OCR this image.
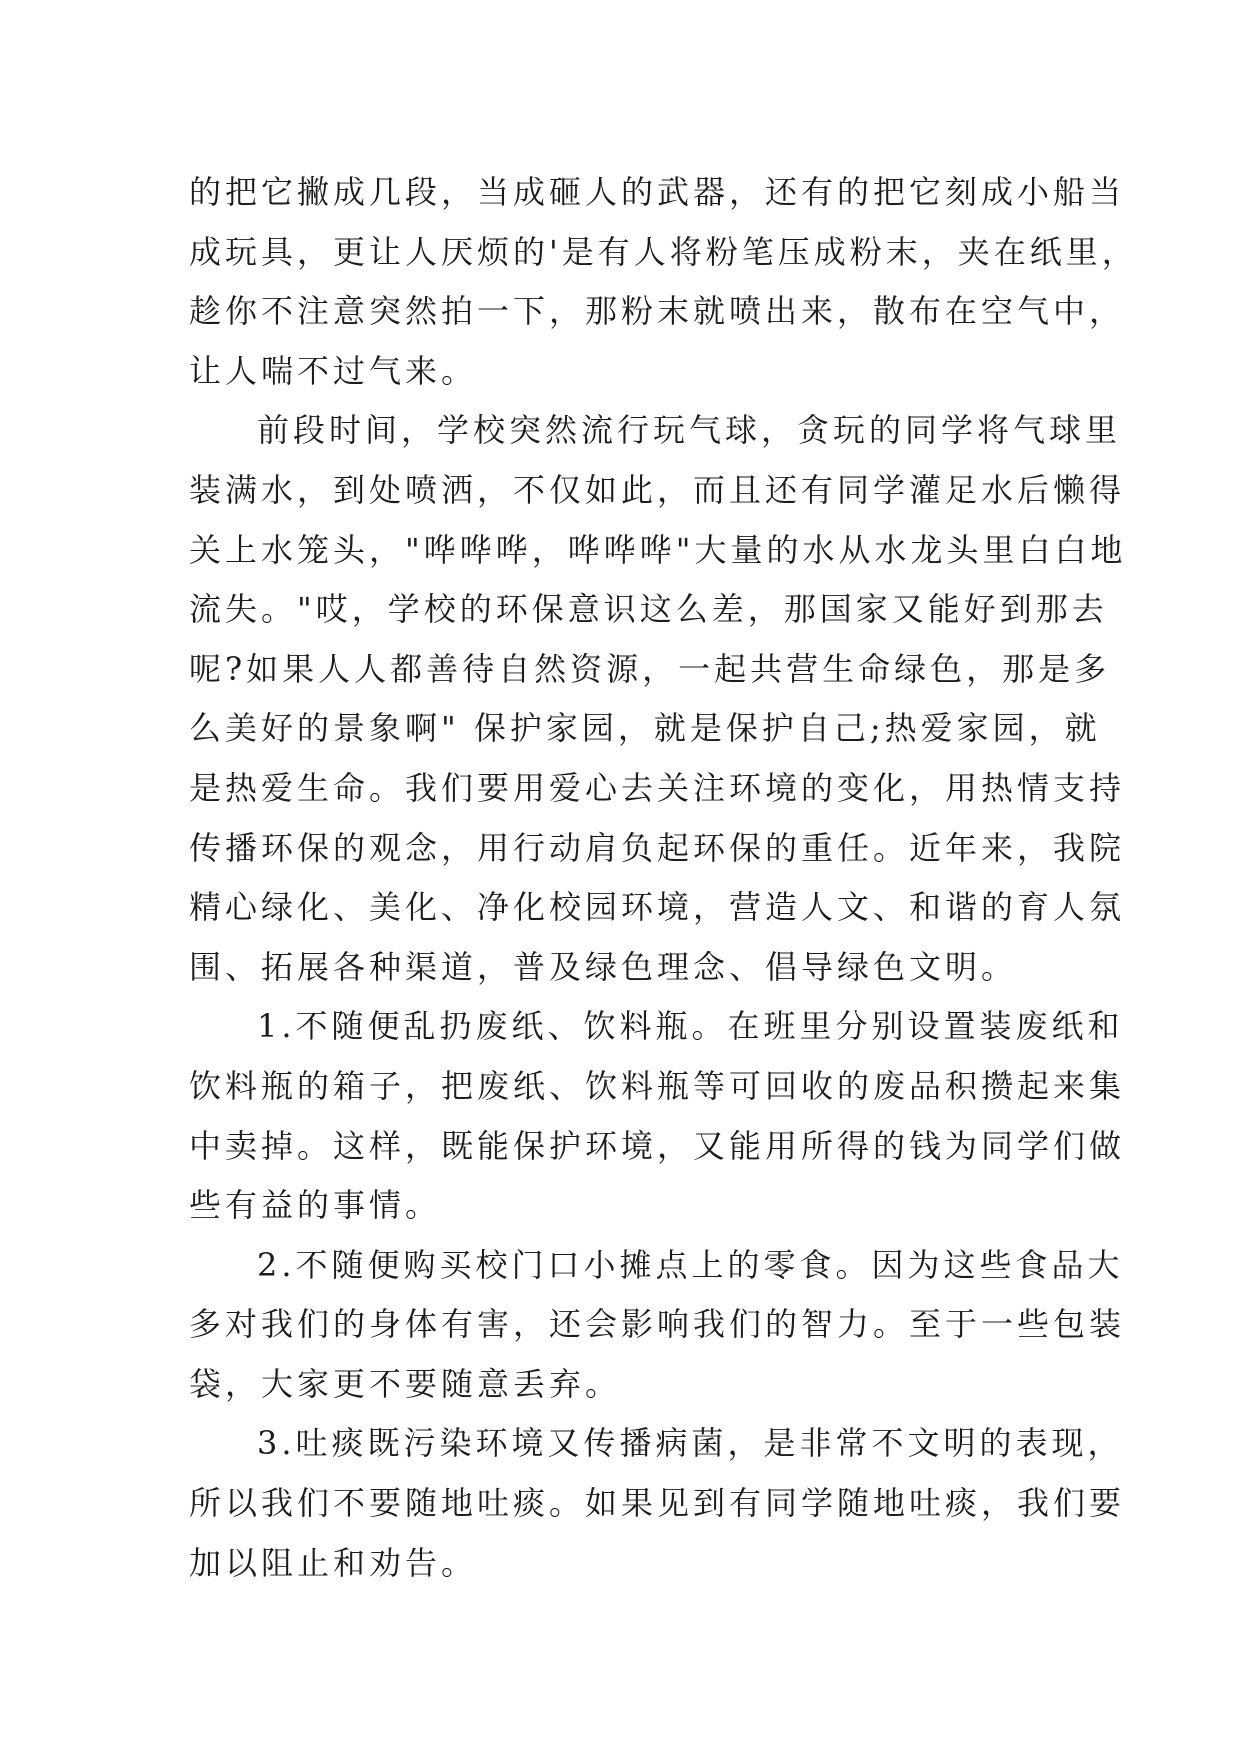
的把它撇成几段，当成砸人的武器，还有的把它刻成小船当
成玩具，更让人厌烦的'是有人将粉笔压成粉末，夹在纸里，
趁你不注意突然拍一下，那粉末就喷出来，散布在空气中，
让人喘不过气来。
前段时间，学校突然流行玩气球，贪玩的同学将气球里
装满水，到处喷洒，不仅如此，而且还有同学灌足水后懒得
关上水笼头，"哗哗哗，哗哗哗"大量的水从水龙头里白白地
流失。"哎，学校的环保意识这么差，那国家又能好到那去
呢?如果人人都善待自然资源，一起共营生命绿色，那是多
么美好的景象啊" 保护家园，就是保护自己;热爱家园，就
是热爱生命。我们要用爱心去关注环境的变化，用热情支持
传播环保的观念，用行动肩负起环保的重任。近年来，我院
精心绿化、美化、净化校园环境，营造人文、和谐的育人氛
围、拓展各种渠道，普及绿色理念、倡导绿色文明。
1.不随便乱扔废纸、饮料瓶。在班里分别设置装废纸和
饮料瓶的箱子，把废纸、饮料瓶等可回收的废品积攒起来集
中卖掉。这样，既能保护环境，又能用所得的钱为同学们做
些有益的事情。
2.不随便购买校门口小摊点上的零食。因为这些食品大
多对我们的身体有害，还会影响我们的智力。至于一些包装
袋，大家更不要随意丢弃。
3.吐痰既污染环境又传播病菌，是非常不文明的表现，
所以我们不要随地吐痰。如果见到有同学随地吐痰，我们要
加以阻止和劝告。
